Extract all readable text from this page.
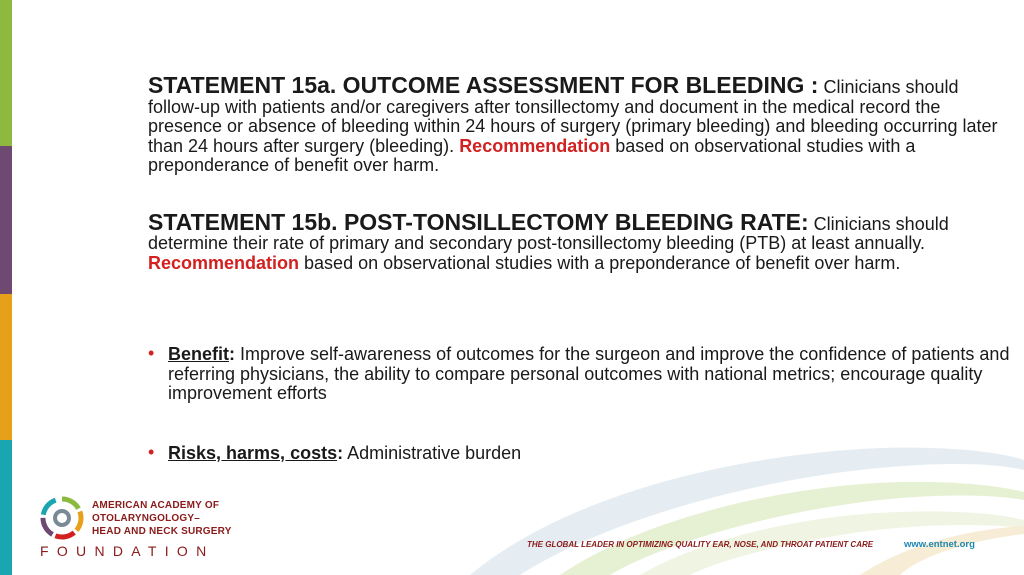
STATEMENT 15a. OUTCOME ASSESSMENT FOR BLEEDING : Clinicians should follow-up with patients and/or caregivers after tonsillectomy and document in the medical record the presence or absence of bleeding within 24 hours of surgery (primary bleeding) and bleeding occurring later than 24 hours after surgery (bleeding). Recommendation based on observational studies with a preponderance of benefit over harm.

STATEMENT 15b. POST-TONSILLECTOMY BLEEDING RATE: Clinicians should determine their rate of primary and secondary post-tonsillectomy bleeding (PTB) at least annually. Recommendation based on observational studies with a preponderance of benefit over harm.

• Benefit: Improve self-awareness of outcomes for the surgeon and improve the confidence of patients and referring physicians, the ability to compare personal outcomes with national metrics; encourage quality improvement efforts
• Risks, harms, costs: Administrative burden
AMERICAN ACADEMY OF
OTOLARYNGOLOGY–
HEAD AND NECK SURGERY
FOUNDATION	THE GLOBAL LEADER IN OPTIMIZING QUALITY EAR, NOSE, AND THROAT PATIENT CARE	www.entnet.org
